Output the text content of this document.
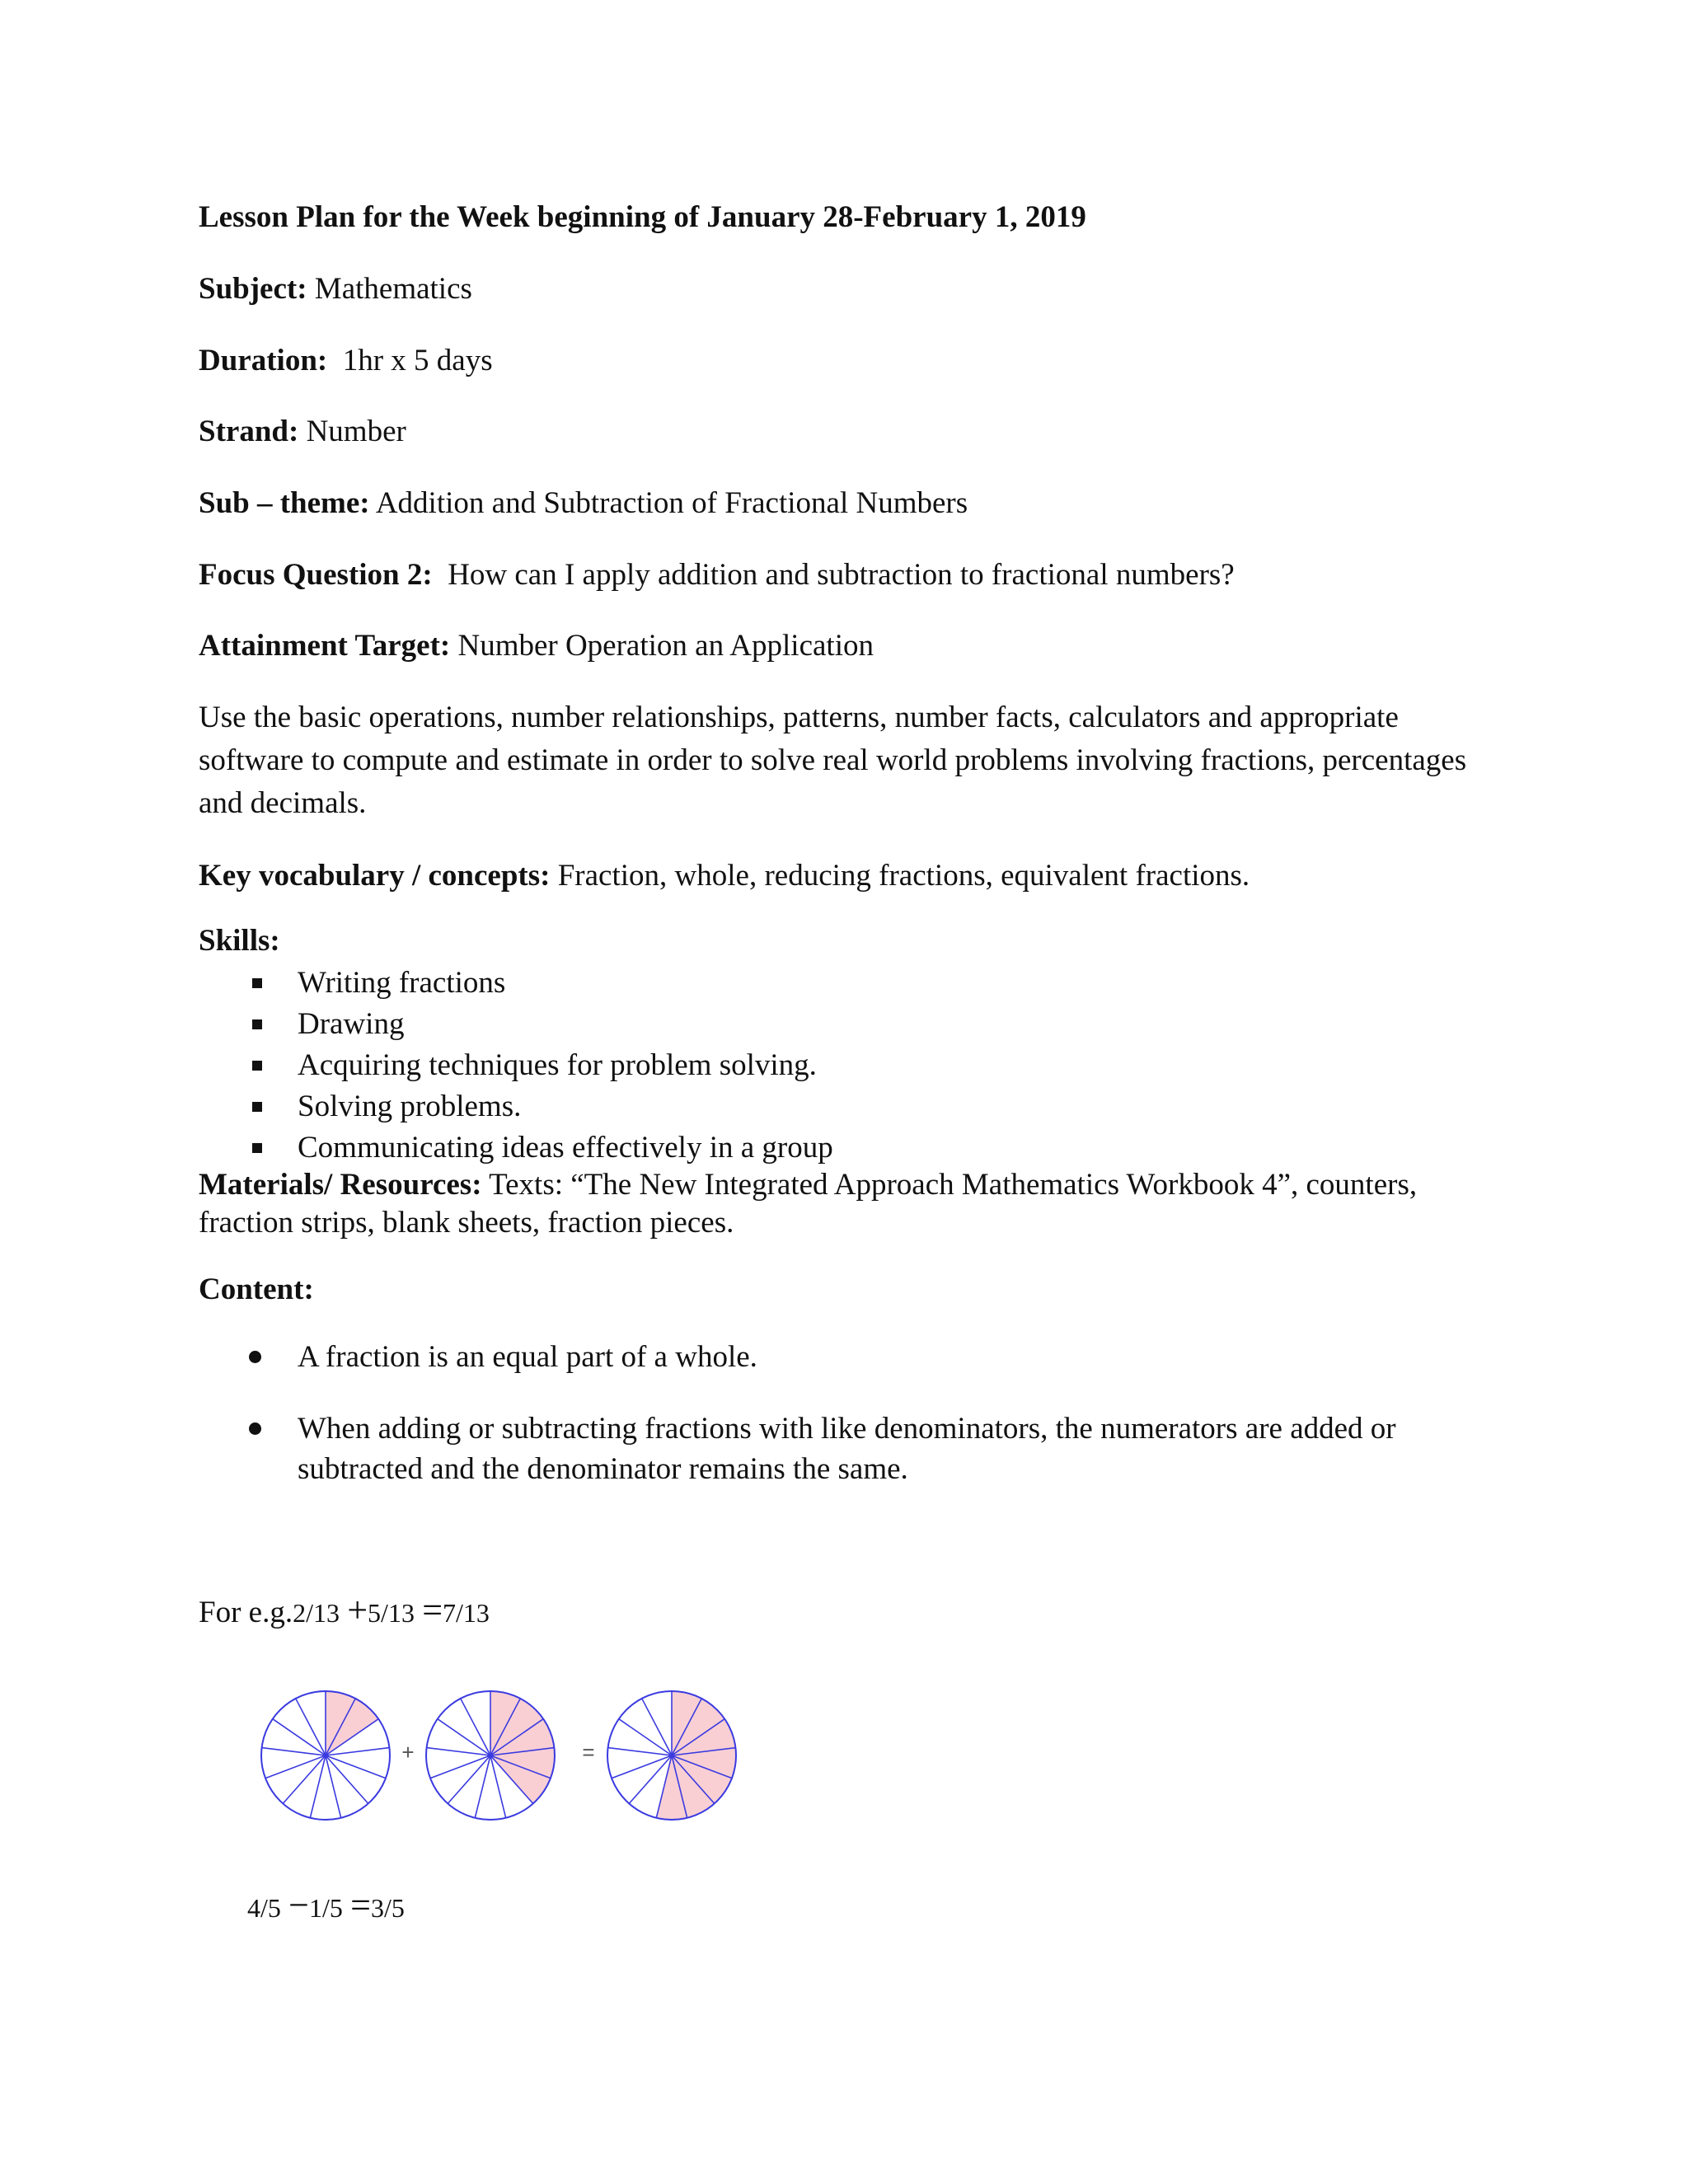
Lesson Plan for the Week beginning of January 28-February 1, 2019
Subject: Mathematics
Duration:  1hr x 5 days
Strand: Number
Sub – theme: Addition and Subtraction of Fractional Numbers
Focus Question 2:  How can I apply addition and subtraction to fractional numbers?
Attainment Target: Number Operation an Application
Use the basic operations, number relationships, patterns, number facts, calculators and appropriate software to compute and estimate in order to solve real world problems involving fractions, percentages and decimals.
Key vocabulary / concepts: Fraction, whole, reducing fractions, equivalent fractions.
Skills:
Writing fractions
Drawing
Acquiring techniques for problem solving.
Solving problems.
Communicating ideas effectively in a group
Materials/ Resources: Texts: “The New Integrated Approach Mathematics Workbook 4”, counters, fraction strips, blank sheets, fraction pieces.
Content:
A fraction is an equal part of a whole.
When adding or subtracting fractions with like denominators, the numerators are added or subtracted and the denominator remains the same.
For e.g.2/13 +5/13 =7/13
+	=
4/5 −1/5 =3/5
